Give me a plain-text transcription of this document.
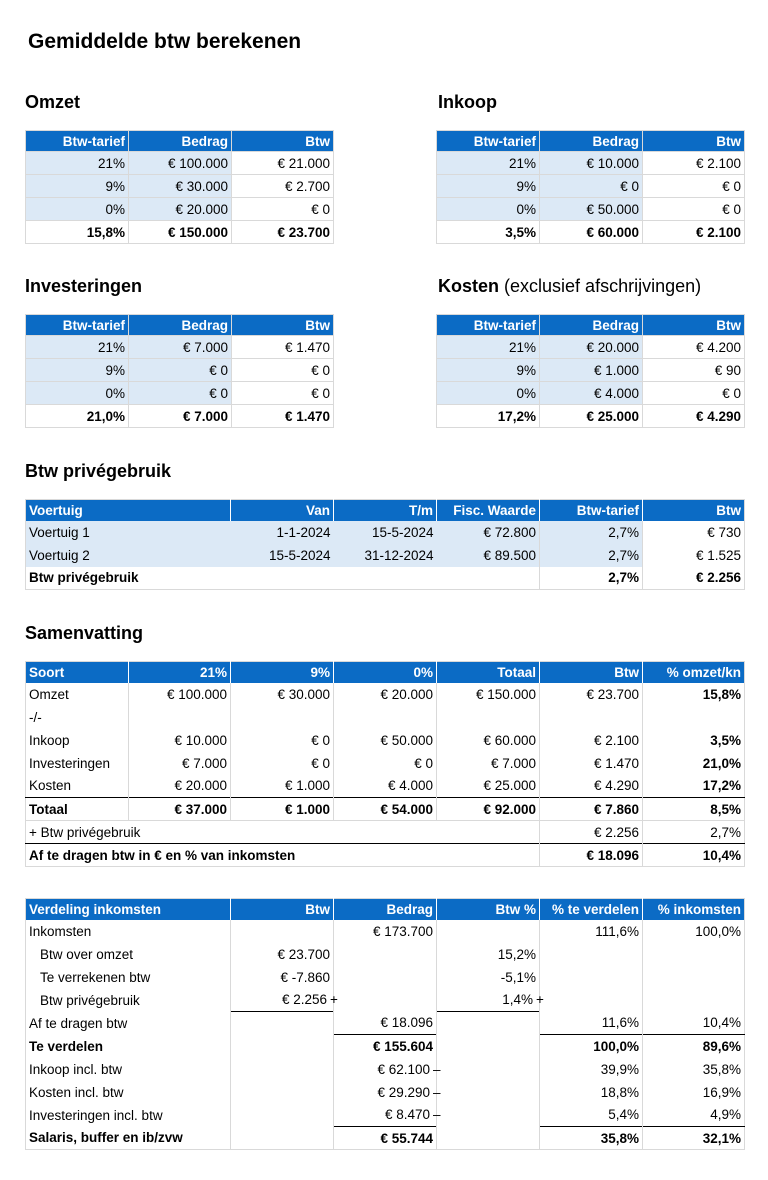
Gemiddelde btw berekenen
Omzet
Btw-tarief	Bedrag	Btw
21%	€ 100.000	€ 21.000
9%	€ 30.000	€ 2.700
0%	€ 20.000	€ 0
15,8%	€ 150.000	€ 23.700
Inkoop
Btw-tarief	Bedrag	Btw
21%	€ 10.000	€ 2.100
9%	€ 0	€ 0
0%	€ 50.000	€ 0
3,5%	€ 60.000	€ 2.100
Investeringen
Btw-tarief	Bedrag	Btw
21%	€ 7.000	€ 1.470
9%	€ 0	€ 0
0%	€ 0	€ 0
21,0%	€ 7.000	€ 1.470
Kosten (exclusief afschrijvingen)
Btw-tarief	Bedrag	Btw
21%	€ 20.000	€ 4.200
9%	€ 1.000	€ 90
0%	€ 4.000	€ 0
17,2%	€ 25.000	€ 4.290
Btw privégebruik
Voertuig	Van	T/m	Fisc. Waarde	Btw-tarief	Btw
Voertuig 1	1-1-2024	15-5-2024	€ 72.800	2,7%	€ 730
Voertuig 2	15-5-2024	31-12-2024	€ 89.500	2,7%	€ 1.525
Btw privégebruik				2,7%	€ 2.256
Samenvatting
Soort	21%	9%	0%	Totaal	Btw	% omzet/kn
Omzet	€ 100.000	€ 30.000	€ 20.000	€ 150.000	€ 23.700	15,8%
-/-						
Inkoop	€ 10.000	€ 0	€ 50.000	€ 60.000	€ 2.100	3,5%
Investeringen	€ 7.000	€ 0	€ 0	€ 7.000	€ 1.470	21,0%
Kosten	€ 20.000	€ 1.000	€ 4.000	€ 25.000	€ 4.290	17,2%
Totaal	€ 37.000	€ 1.000	€ 54.000	€ 92.000	€ 7.860	8,5%
+ Btw privégebruik					€ 2.256	2,7%
Af te dragen btw in € en % van inkomsten					€ 18.096	10,4%
Verdeling inkomsten	Btw	Bedrag	Btw %	% te verdelen	% inkomsten
Inkomsten		€ 173.700		111,6%	100,0%
Btw over omzet	€ 23.700		15,2%		
Te verrekenen btw	€ -7.860		-5,1%		
Btw privégebruik	€ 2.256 +		1,4% +		
Af te dragen btw		€ 18.096		11,6%	10,4%
Te verdelen		€ 155.604		100,0%	89,6%
Inkoop incl. btw		€ 62.100 –		39,9%	35,8%
Kosten incl. btw		€ 29.290 –		18,8%	16,9%
Investeringen incl. btw		€ 8.470 –		5,4%	4,9%
Salaris, buffer en ib/zvw		€ 55.744		35,8%	32,1%
